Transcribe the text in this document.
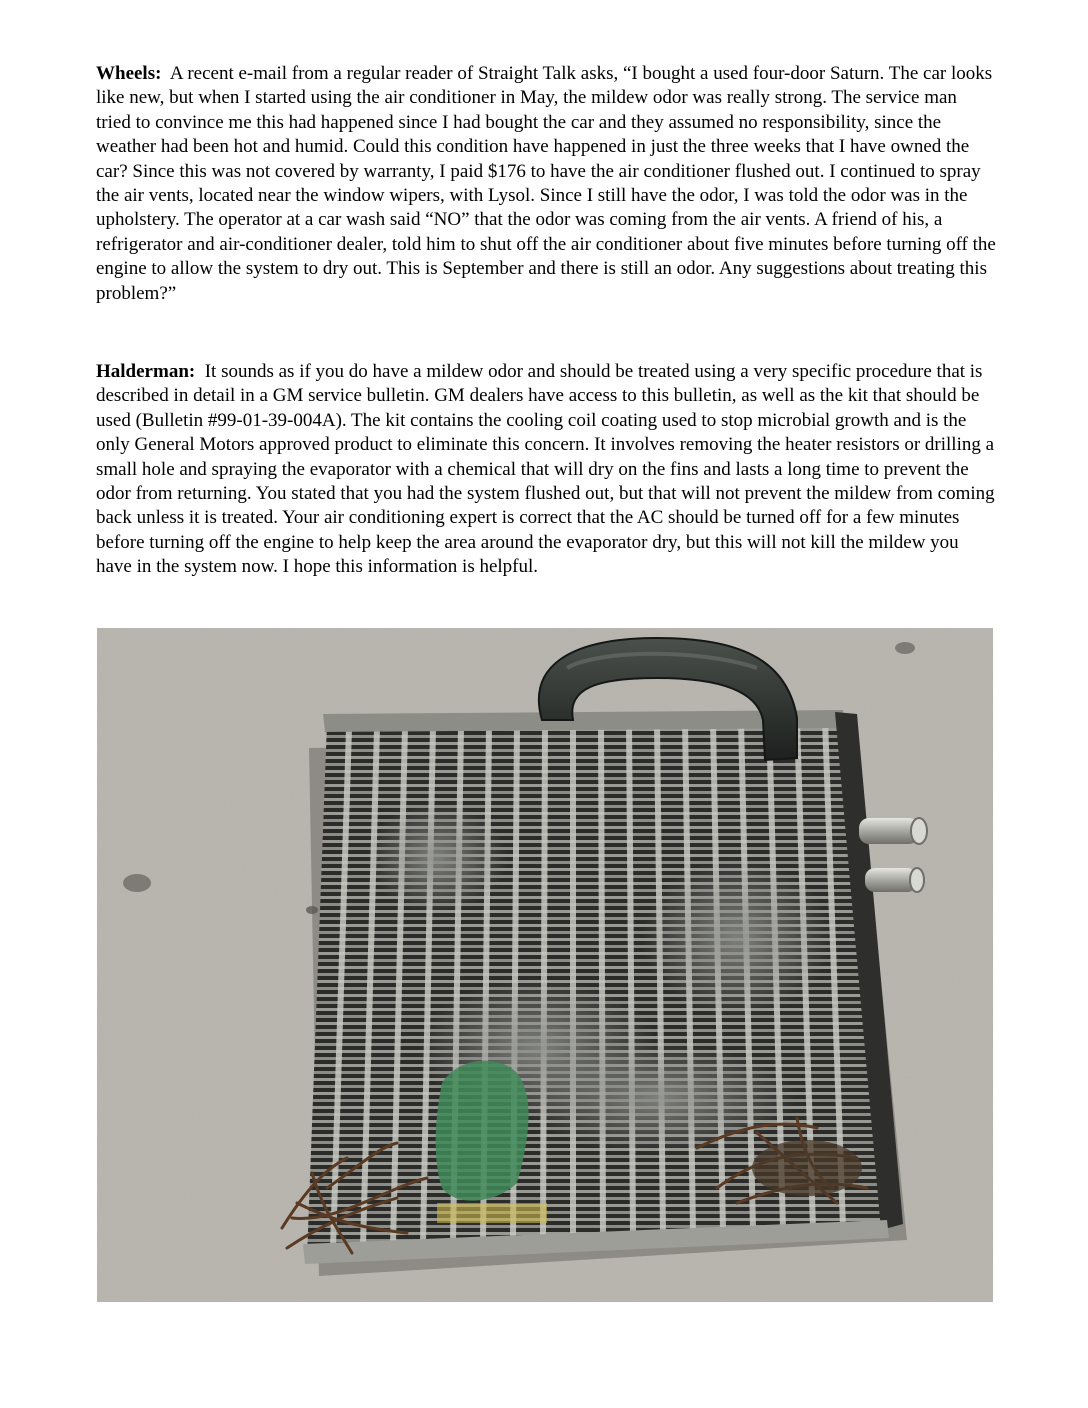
Wheels: A recent e-mail from a regular reader of Straight Talk asks, “I bought a used four-door Saturn. The car looks like new, but when I started using the air conditioner in May, the mildew odor was really strong. The service man tried to convince me this had happened since I had bought the car and they assumed no responsibility, since the weather had been hot and humid. Could this condition have happened in just the three weeks that I have owned the car? Since this was not covered by warranty, I paid $176 to have the air conditioner flushed out. I continued to spray the air vents, located near the window wipers, with Lysol. Since I still have the odor, I was told the odor was in the upholstery. The operator at a car wash said “NO” that the odor was coming from the air vents. A friend of his, a refrigerator and air-conditioner dealer, told him to shut off the air conditioner about five minutes before turning off the engine to allow the system to dry out. This is September and there is still an odor. Any suggestions about treating this problem?”

Halderman: It sounds as if you do have a mildew odor and should be treated using a very specific procedure that is described in detail in a GM service bulletin. GM dealers have access to this bulletin, as well as the kit that should be used (Bulletin #99-01-39-004A). The kit contains the cooling coil coating used to stop microbial growth and is the only General Motors approved product to eliminate this concern. It involves removing the heater resistors or drilling a small hole and spraying the evaporator with a chemical that will dry on the fins and lasts a long time to prevent the odor from returning. You stated that you had the system flushed out, but that will not prevent the mildew from coming back unless it is treated. Your air conditioning expert is correct that the AC should be turned off for a few minutes before turning off the engine to help keep the area around the evaporator dry, but this will not kill the mildew you have in the system now. I hope this information is helpful.
